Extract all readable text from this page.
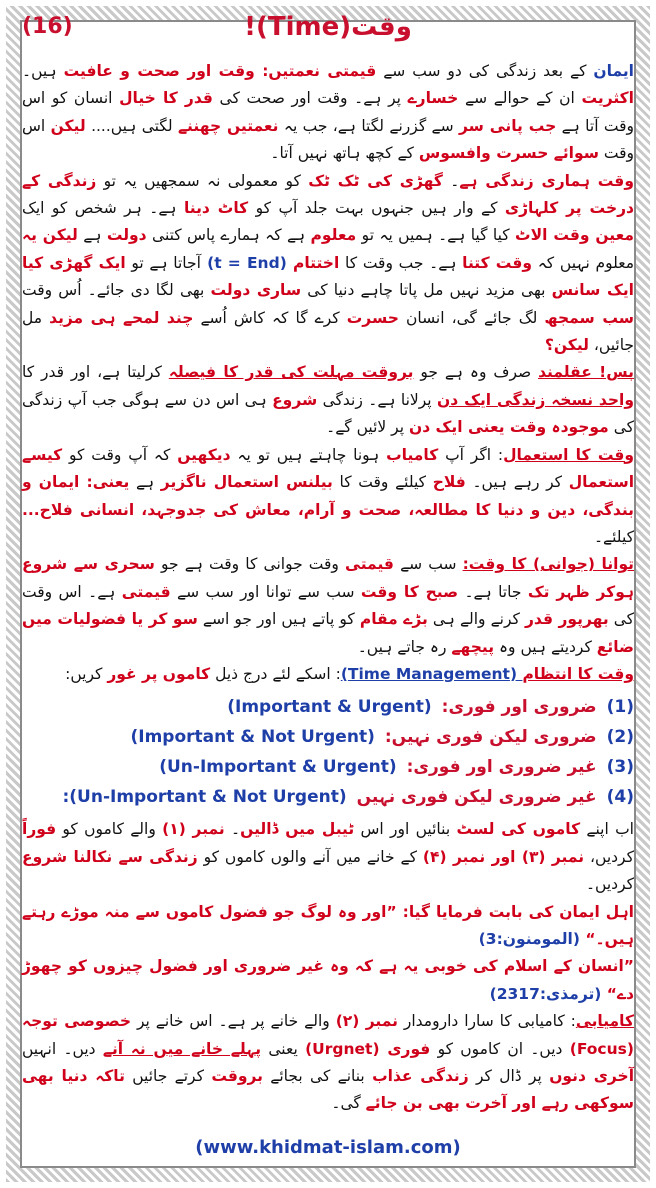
(16)	وقت(Time)!

ایمان کے بعد زندگی کی دو سب سے قیمتی نعمتیں: وقت اور صحت و عافیت ہیں۔ اکثریت ان کے حوالے سے خسارے پر ہے۔ وقت اور صحت کی قدر کا خیال انسان کو اس وقت آتا ہے جب پانی سر سے گزرنے لگتا ہے، جب یہ نعمتیں چھننے لگتی ہیں.... لیکن اس وقت سوائے حسرت وافسوس کے کچھ ہاتھ نہیں آتا۔

وقت ہماری زندگی ہے۔ گھڑی کی ٹک ٹک کو معمولی نہ سمجھیں یہ تو زندگی کے درخت پر کلہاڑی کے وار ہیں جنہوں بہت جلد آپ کو کاٹ دینا ہے۔ ہر شخص کو ایک معین وقت الاٹ کیا گیا ہے۔ ہمیں یہ تو معلوم ہے کہ ہمارے پاس کتنی دولت ہے لیکن یہ معلوم نہیں کہ وقت کتنا ہے۔ جب وقت کا اختتام (t = End) آجاتا ہے تو ایک گھڑی کیا ایک سانس بھی مزید نہیں مل پاتا چاہے دنیا کی ساری دولت بھی لگا دی جائے۔ اُس وقت سب سمجھ لگ جائے گی، انسان حسرت کرے گا کہ کاش اُسے چند لمحے ہی مزید مل جائیں، لیکن؟

پس! عقلمند صرف وہ ہے جو بروقت مہلت کی قدر کا فیصلہ کرلیتا ہے، اور قدر کا واحد نسخہ زندگی ایک دن پرلانا ہے۔ زندگی شروع ہی اس دن سے ہوگی جب آپ زندگی کی موجودہ وقت یعنی ایک دن پر لائیں گے۔

وقت کا استعمال: اگر آپ کامیاب ہونا چاہتے ہیں تو یہ دیکھیں کہ آپ وقت کو کیسے استعمال کر رہے ہیں۔ فلاح کیلئے وقت کا بیلنس استعمال ناگزیر ہے یعنی: ایمان و بندگی، دین و دنیا کا مطالعہ، صحت و آرام، معاش کی جدوجہد، انسانی فلاح... کیلئے۔

توانا (جوانی) کا وقت: سب سے قیمتی وقت جوانی کا وقت ہے جو سحری سے شروع ہوکر ظہر تک جاتا ہے۔ صبح کا وقت سب سے توانا اور سب سے قیمتی ہے۔ اس وقت کی بھرپور قدر کرنے والے ہی بڑے مقام کو پاتے ہیں اور جو اسے سو کر یا فضولیات میں ضائع کردیتے ہیں وہ پیچھے رہ جاتے ہیں۔

وقت کا انتظام (Time Management): اسکے لئے درج ذیل کاموں پر غور کریں:

(1)
ضروری اور فوری:
(Important & Urgent)
(2)
ضروری لیکن فوری نہیں:
(Important & Not Urgent)
(3)
غیر ضروری اور فوری:
(Un-Important & Urgent)
(4)
غیر ضروری لیکن فوری نہیں
:(Un-Important & Not Urgent)

اب اپنے کاموں کی لسٹ بنائیں اور اس ٹیبل میں ڈالیں۔ نمبر (۱) والے کاموں کو فوراً کردیں، نمبر (۳) اور نمبر (۴) کے خانے میں آنے والوں کاموں کو زندگی سے نکالنا شروع کردیں۔

اہل ایمان کی بابت فرمایا گیا: ”اور وہ لوگ جو فضول کاموں سے منہ موڑے رہتے ہیں۔“ (المومنون:3)

”انسان کے اسلام کی خوبی یہ ہے کہ وہ غیر ضروری اور فضول چیزوں کو چھوڑ دے“ (ترمذی:2317)

کامیابی: کامیابی کا سارا دارومدار نمبر (۲) والے خانے پر ہے۔ اس خانے پر خصوصی توجہ (Focus) دیں۔ ان کاموں کو فوری (Urgnet) یعنی پہلے خانے میں نہ آنے دیں۔ انہیں آخری دنوں پر ڈال کر زندگی عذاب بنانے کی بجائے بروقت کرتے جائیں تاکہ دنیا بھی سوکھی رہے اور آخرت بھی بن جائے گی۔

(www.khidmat-islam.com)
